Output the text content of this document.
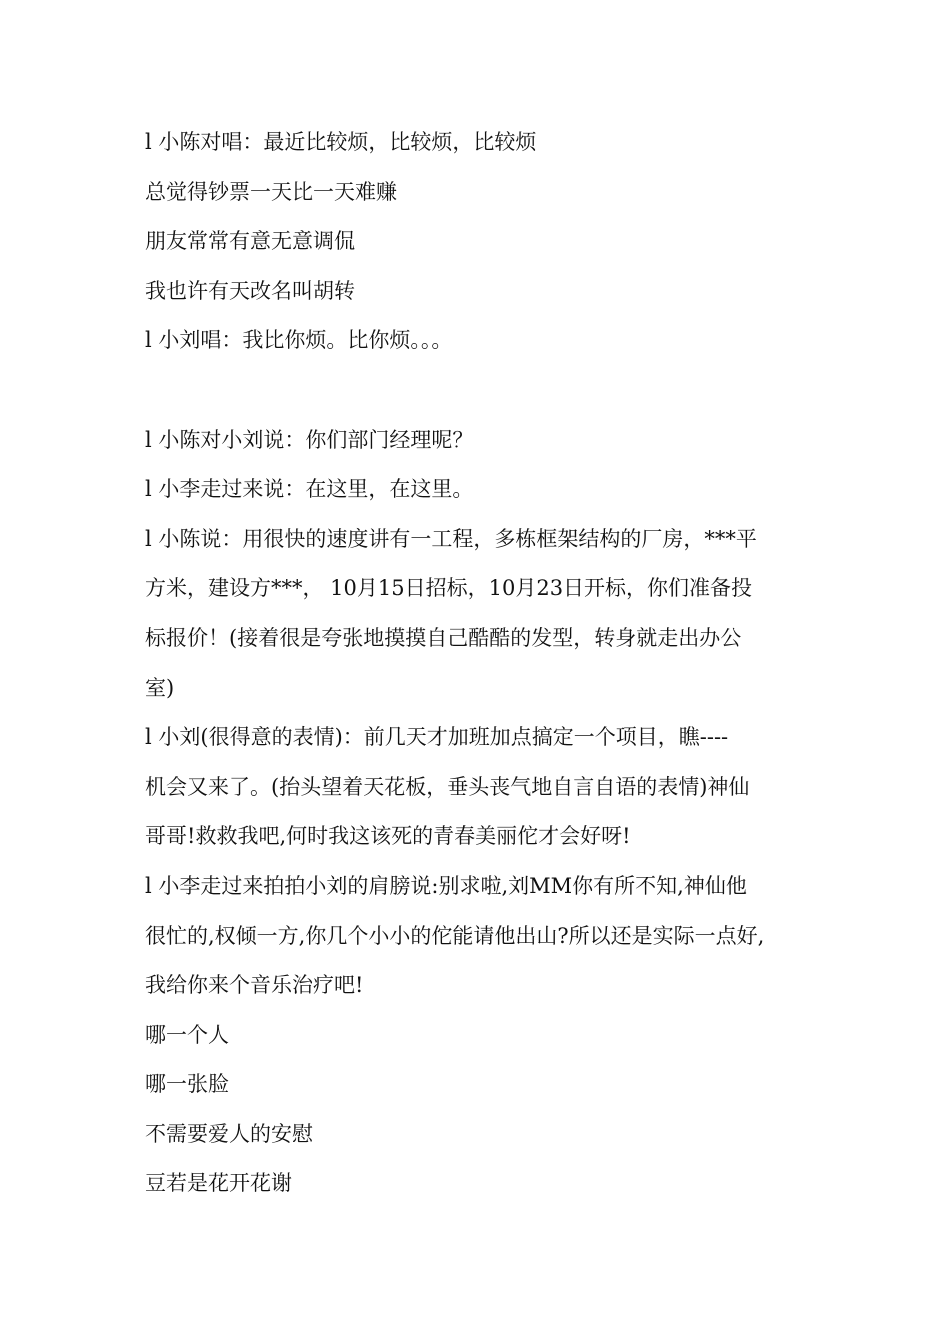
l 小陈对唱：最近比较烦，比较烦，比较烦
总觉得钞票一天比一天难赚
朋友常常有意无意调侃
我也许有天改名叫胡转
l 小刘唱：我比你烦。比你烦。。。
l 小陈对小刘说：你们部门经理呢？
l 小李走过来说：在这里，在这里。
l 小陈说：用很快的速度讲有一工程，多栋框架结构的厂房，***平
方米，建设方***， 10月15日招标，10月23日开标，你们准备投
标报价！(接着很是夸张地摸摸自己酷酷的发型，转身就走出办公
室)
l 小刘(很得意的表情)：前几天才加班加点搞定一个项目，瞧----
机会又来了。(抬头望着天花板，垂头丧气地自言自语的表情)神仙
哥哥!救救我吧,何时我这该死的青春美丽佗才会好呀!
l 小李走过来拍拍小刘的肩膀说:别求啦,刘MM你有所不知,神仙他
很忙的,权倾一方,你几个小小的佗能请他出山?所以还是实际一点好,
我给你来个音乐治疗吧!
哪一个人
哪一张脸
不需要爱人的安慰
豆若是花开花谢
